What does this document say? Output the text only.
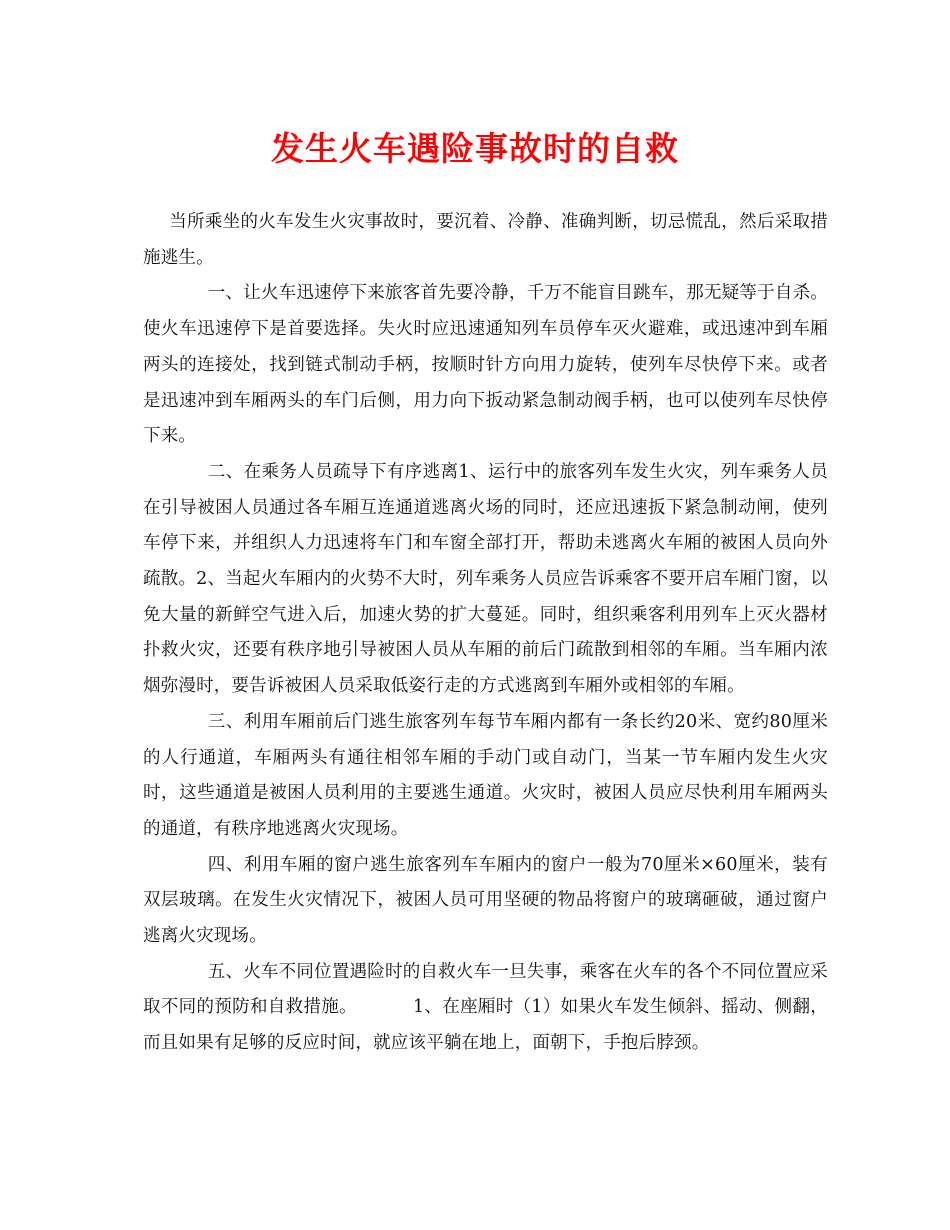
发生火车遇险事故时的自救

当所乘坐的火车发生火灾事故时，要沉着、冷静、准确判断，切忌慌乱，然后采取措施逃生。

一、让火车迅速停下来旅客首先要冷静，千万不能盲目跳车，那无疑等于自杀。使火车迅速停下是首要选择。失火时应迅速通知列车员停车灭火避难，或迅速冲到车厢两头的连接处，找到链式制动手柄，按顺时针方向用力旋转，使列车尽快停下来。或者是迅速冲到车厢两头的车门后侧，用力向下扳动紧急制动阀手柄，也可以使列车尽快停下来。

二、在乘务人员疏导下有序逃离1、运行中的旅客列车发生火灾，列车乘务人员在引导被困人员通过各车厢互连通道逃离火场的同时，还应迅速扳下紧急制动闸，使列车停下来，并组织人力迅速将车门和车窗全部打开，帮助未逃离火车厢的被困人员向外疏散。2、当起火车厢内的火势不大时，列车乘务人员应告诉乘客不要开启车厢门窗，以免大量的新鲜空气进入后，加速火势的扩大蔓延。同时，组织乘客利用列车上灭火器材扑救火灾，还要有秩序地引导被困人员从车厢的前后门疏散到相邻的车厢。当车厢内浓烟弥漫时，要告诉被困人员采取低姿行走的方式逃离到车厢外或相邻的车厢。

三、利用车厢前后门逃生旅客列车每节车厢内都有一条长约20米、宽约80厘米的人行通道，车厢两头有通往相邻车厢的手动门或自动门，当某一节车厢内发生火灾时，这些通道是被困人员利用的主要逃生通道。火灾时，被困人员应尽快利用车厢两头的通道，有秩序地逃离火灾现场。

四、利用车厢的窗户逃生旅客列车车厢内的窗户一般为70厘米×60厘米，装有双层玻璃。在发生火灾情况下，被困人员可用坚硬的物品将窗户的玻璃砸破，通过窗户逃离火灾现场。

五、火车不同位置遇险时的自救火车一旦失事，乘客在火车的各个不同位置应采取不同的预防和自救措施。	1、在座厢时（1）如果火车发生倾斜、摇动、侧翻，而且如果有足够的反应时间，就应该平躺在地上，面朝下，手抱后脖颈。
